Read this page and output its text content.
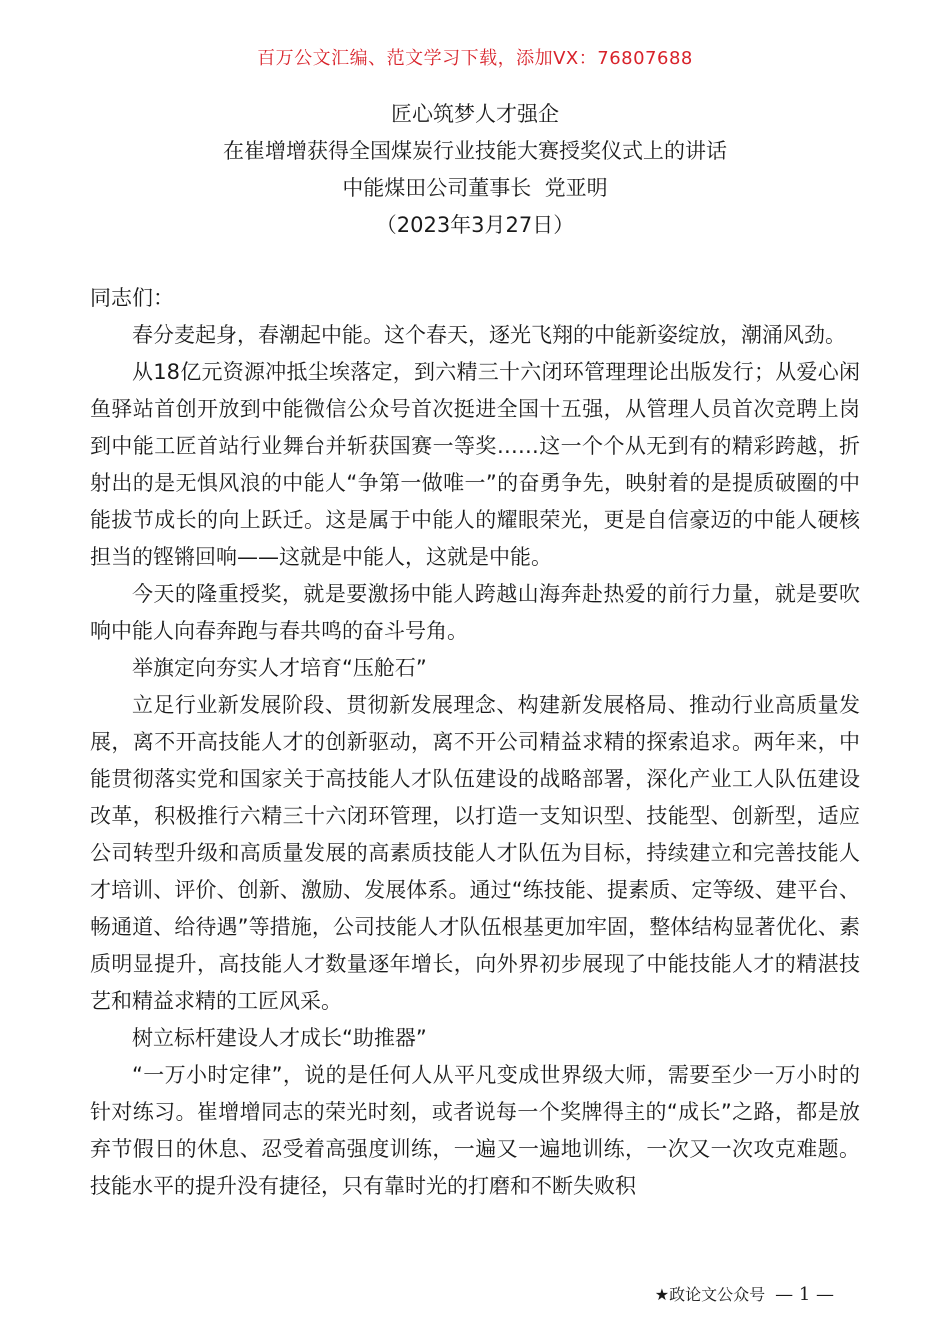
百万公文汇编、范文学习下载，添加VX：76807688
匠心筑梦人才强企
在崔增增获得全国煤炭行业技能大赛授奖仪式上的讲话
中能煤田公司董事长  党亚明
（2023年3月27日）

同志们：

春分麦起身，春潮起中能。这个春天，逐光飞翔的中能新姿绽放，潮涌风劲。

从18亿元资源冲抵尘埃落定，到六精三十六闭环管理理论出版发行；从爱心闲鱼驿站首创开放到中能微信公众号首次挺进全国十五强，从管理人员首次竞聘上岗到中能工匠首站行业舞台并斩获国赛一等奖……这一个个从无到有的精彩跨越，折射出的是无惧风浪的中能人“争第一做唯一”的奋勇争先，映射着的是提质破圈的中能拔节成长的向上跃迁。这是属于中能人的耀眼荣光，更是自信豪迈的中能人硬核担当的铿锵回响——这就是中能人，这就是中能。

今天的隆重授奖，就是要激扬中能人跨越山海奔赴热爱的前行力量，就是要吹响中能人向春奔跑与春共鸣的奋斗号角。

举旗定向夯实人才培育“压舱石”

立足行业新发展阶段、贯彻新发展理念、构建新发展格局、推动行业高质量发展，离不开高技能人才的创新驱动，离不开公司精益求精的探索追求。两年来，中能贯彻落实党和国家关于高技能人才队伍建设的战略部署，深化产业工人队伍建设改革，积极推行六精三十六闭环管理，以打造一支知识型、技能型、创新型，适应公司转型升级和高质量发展的高素质技能人才队伍为目标，持续建立和完善技能人才培训、评价、创新、激励、发展体系。通过“练技能、提素质、定等级、建平台、畅通道、给待遇”等措施，公司技能人才队伍根基更加牢固，整体结构显著优化、素质明显提升，高技能人才数量逐年增长，向外界初步展现了中能技能人才的精湛技艺和精益求精的工匠风采。

树立标杆建设人才成长“助推器”

“一万小时定律”，说的是任何人从平凡变成世界级大师，需要至少一万小时的针对练习。崔增增同志的荣光时刻，或者说每一个奖牌得主的“成长”之路，都是放弃节假日的休息、忍受着高强度训练，一遍又一遍地训练，一次又一次攻克难题。技能水平的提升没有捷径，只有靠时光的打磨和不断失败积

★政论文公众号 — 1 —
